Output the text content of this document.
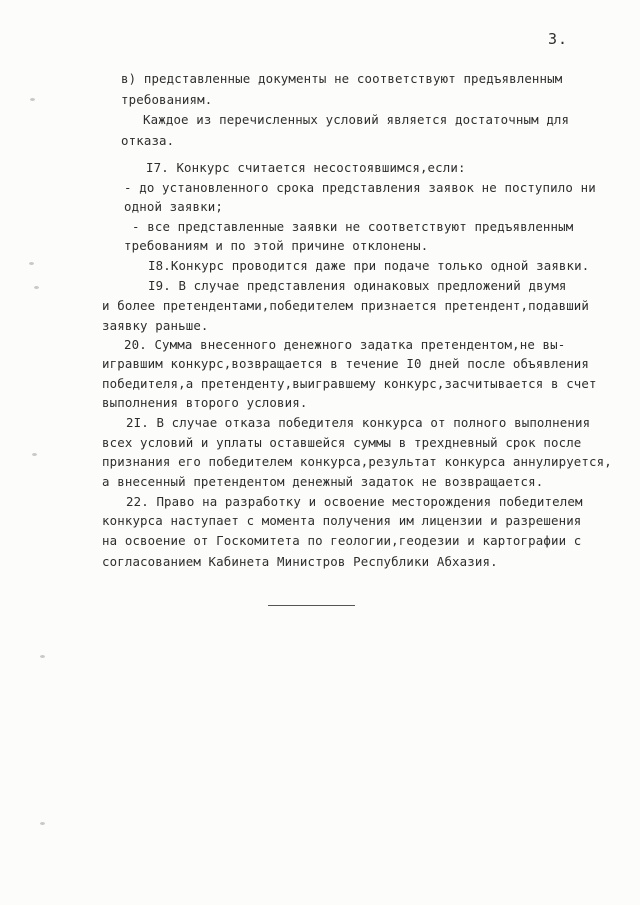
3.
в) представленные документы не соответствуют предъявленным
требованиям.
Каждое из перечисленных условий является достаточным для
отказа.
I7. Конкурс считается несостоявшимся,если:
- до установленного срока представления заявок не поступило ни
одной заявки;
- все представленные заявки не соответствуют предъявленным
требованиям и по этой причине отклонены.
I8.Конкурс проводится даже при подаче только одной заявки.
I9. В случае представления одинаковых предложений двумя
и более претендентами,победителем признается претендент,подавший
заявку раньше.
20. Сумма внесенного денежного задатка претендентом,не вы-
игравшим конкурс,возвращается в течение I0 дней после объявления
победителя,а претенденту,выигравшему конкурс,засчитывается в счет
выполнения второго условия.
2I. В случае отказа победителя конкурса от полного выполнения
всех условий и уплаты оставшейся суммы в трехдневный срок после
признания его победителем конкурса,результат конкурса аннулируется,
а внесенный претендентом денежный задаток не возвращается.
22. Право на разработку и освоение месторождения победителем
конкурса наступает с момента получения им лицензии и разрешения
на освоение от Госкомитета по геологии,геодезии и картографии с
согласованием Кабинета Министров Республики Абхазия.
